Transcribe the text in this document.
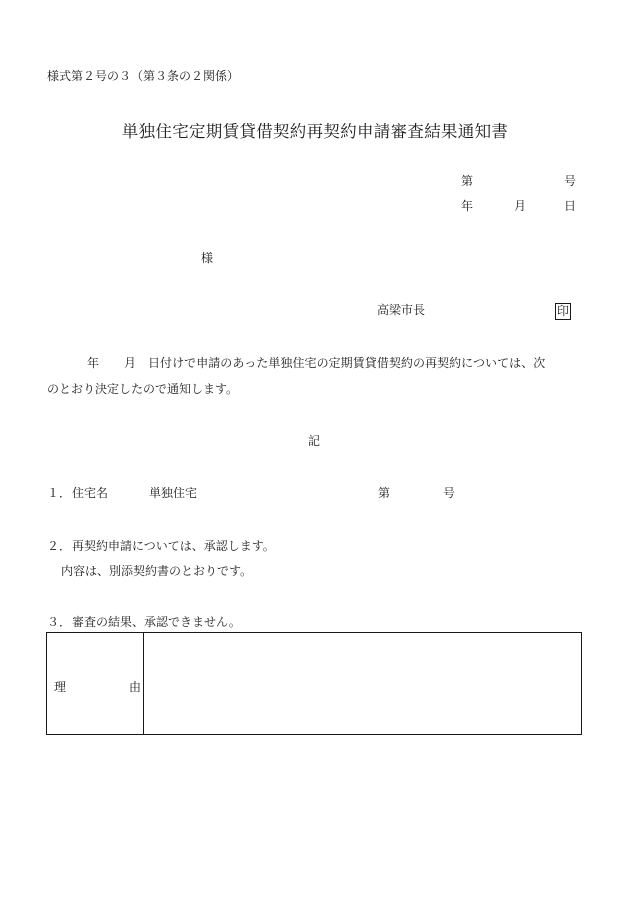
様式第２号の３（第３条の２関係）
単独住宅定期賃貸借契約再契約申請審査結果通知書
第	号
年	月	日
様
高梁市長	印
年 月 日付けで申請のあった単独住宅の定期賃貸借契約の再契約については、次
のとおり決定したので通知します。
記
１． 住宅名	単独住宅	第	号
２． 再契約申請については、承認します。
内容は、別添契約書のとおりです。
３． 審査の結果、承認できません。
理	由
